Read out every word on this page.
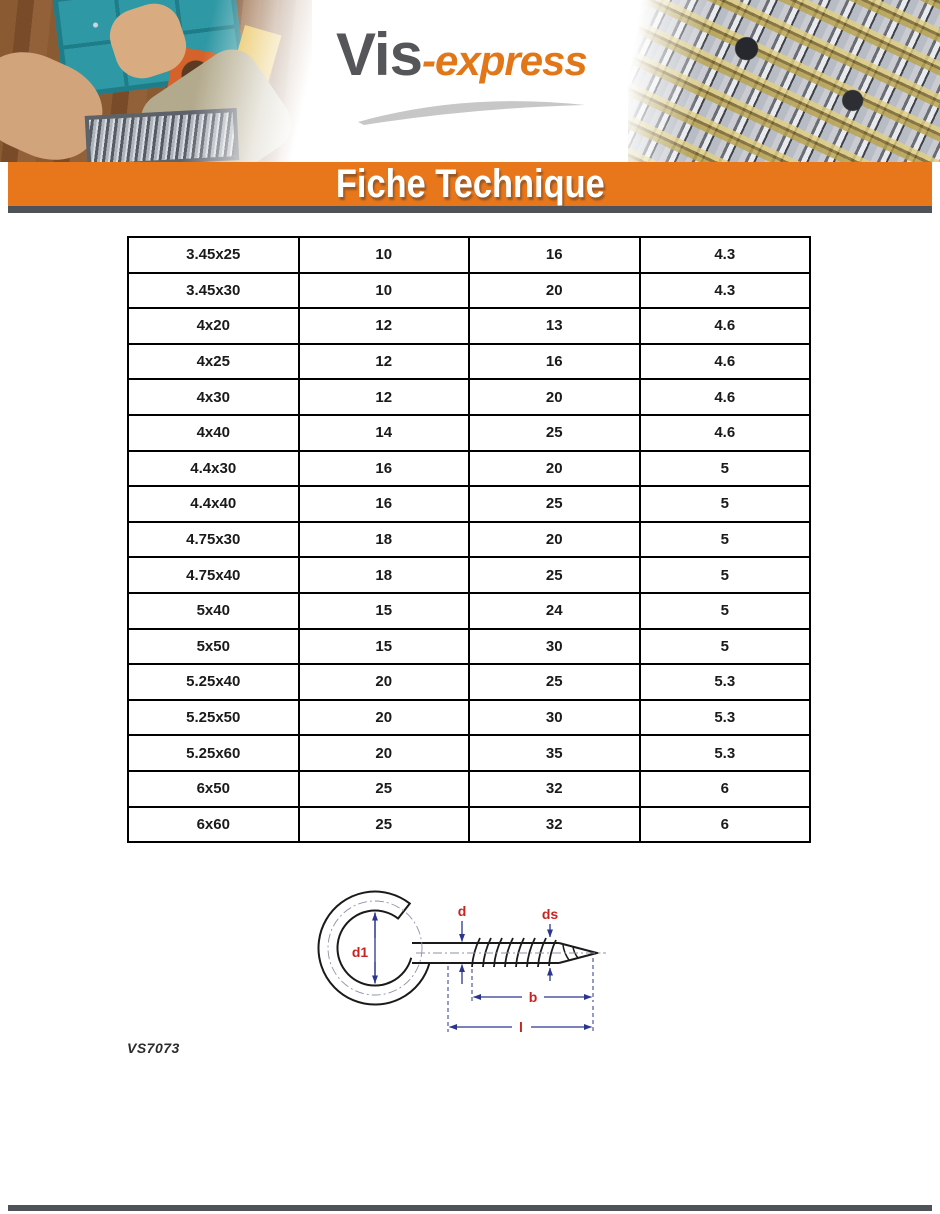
Vis -express
Fiche Technique
3.45x25	10	16	4.3
3.45x30	10	20	4.3
4x20	12	13	4.6
4x25	12	16	4.6
4x30	12	20	4.6
4x40	14	25	4.6
4.4x30	16	20	5
4.4x40	16	25	5
4.75x30	18	20	5
4.75x40	18	25	5
5x40	15	24	5
5x50	15	30	5
5.25x40	20	25	5.3
5.25x50	20	30	5.3
5.25x60	20	35	5.3
6x50	25	32	6
6x60	25	32	6
d1
d	ds
b
l
VS7073
